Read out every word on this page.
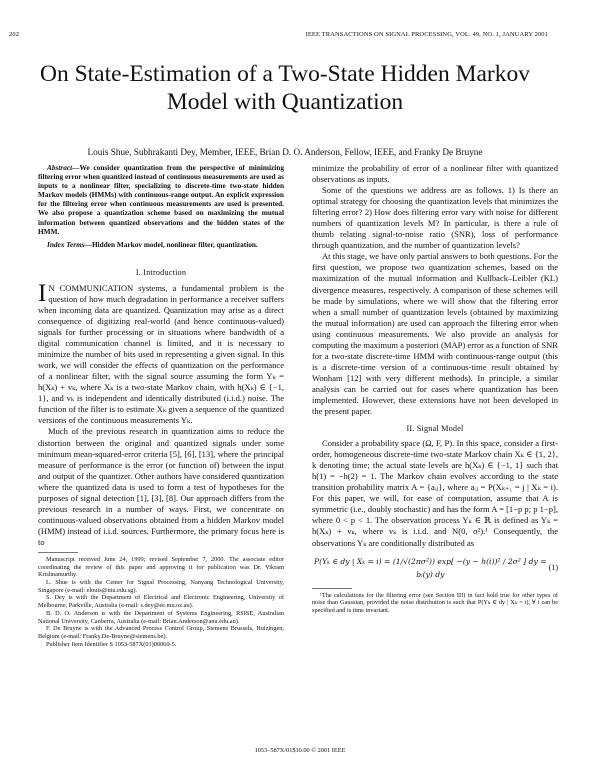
202	IEEE TRANSACTIONS ON SIGNAL PROCESSING, VOL. 49, NO. 1, JANUARY 2001
On State-Estimation of a Two-State Hidden Markov Model with Quantization
Louis Shue, Subhrakanti Dey, Member, IEEE, Brian D. O. Anderson, Fellow, IEEE, and Franky De Bruyne

Abstract—We consider quantization from the perspective of minimizing filtering error when quantized instead of continuous measurements are used as inputs to a nonlinear filter, specializing to discrete-time two-state hidden Markov models (HMMs) with continuous-range output. An explicit expression for the filtering error when continuous measurements are used is presented. We also propose a quantization scheme based on maximizing the mutual information between quantized observations and the hidden states of the HMM.

Index Terms—Hidden Markov model, nonlinear filter, quantization.

I. Introduction

I N COMMUNICATION systems, a fundamental problem is the question of how much degradation in performance a receiver suffers when incoming data are quantized. Quantization may arise as a direct consequence of digitizing real-world (and hence continuous-valued) signals for further processing or in situations where bandwidth of a digital communication channel is limited, and it is necessary to minimize the number of bits used in representing a given signal. In this work, we will consider the effects of quantization on the performance of a nonlinear filter, with the signal source assuming the form Yₖ = h(Xₖ) + vₖ, where Xₖ is a two-state Markov chain, with h(Xₖ) ∈ {−1, 1}, and vₖ is independent and identically distributed (i.i.d.) noise. The function of the filter is to estimate Xₖ given a sequence of the quantized versions of the continuous measurements Yₖ.

Much of the previous research in quantization aims to reduce the distortion between the original and quantized signals under some minimum mean-squared-error criteria [5], [6], [13], where the principal measure of performance is the error (or function of) between the input and output of the quantizer. Other authors have considered quantization where the quantized data is used to form a test of hypotheses for the purposes of signal detection [1], [3], [8]. Our approach differs from the previous research in a number of ways. First, we concentrate on continuous-valued observations obtained from a hidden Markov model (HMM) instead of i.i.d. sources. Furthermore, the primary focus here is to

Manuscript received June 24, 1999; revised September 7, 2000. The associate editor coordinating the review of this paper and approving it for publication was Dr. Vikram Krishnamurthy.

L. Shue is with the Center for Signal Processing, Nanyang Technological University, Singapore (e-mail: elouis@ntu.edu.sg).

S. Dey is with the Department of Electrical and Electronic Engineering, University of Melbourne, Parkville, Australia (e-mail: s.dey@ee.mu.oz.au).

B. D. O. Anderson is with the Department of Systems Engineering, RSISE, Australian National University, Canberra, Australia (e-mail: Brian.Anderson@anu.edu.au).

F. De Bruyne is with the Advanced Process Control Group, Siemens Brussels, Huizingen, Belgium (e-mail: Franky.De-Bruyne@siemens.be).

Publisher Item Identifier S 1053-587X(01)00060-5.

minimize the probability of error of a nonlinear filter with quantized observations as inputs.

Some of the questions we address are as follows. 1) Is there an optimal strategy for choosing the quantization levels that minimizes the filtering error? 2) How does filtering error vary with noise for different numbers of quantization levels M? In particular, is there a rule of thumb relating signal-to-noise ratio (SNR), loss of performance through quantization, and the number of quantization levels?

At this stage, we have only partial answers to both questions. For the first question, we propose two quantization schemes, based on the maximization of the mutual information and Kullback–Leibler (KL) divergence measures, respectively. A comparison of these schemes will be made by simulations, where we will show that the filtering error when a small number of quantization levels (obtained by maximizing the mutual information) are used can approach the filtering error when using continuous measurements. We also provide an analysis for computing the maximum a posteriori (MAP) error as a function of SNR for a two-state discrete-time HMM with continuous-range output (this is a discrete-time version of a continuous-time result obtained by Wonham [12] with very different methods). In principle, a similar analysis can be carried out for cases where quantization has been implemented. However, these extensions have not been developed in the present paper.

II. Signal Model

Consider a probability space (Ω, F, P). In this space, consider a first-order, homogeneous discrete-time two-state Markov chain Xₖ ∈ {1, 2}, k denoting time; the actual state levels are h(Xₖ) ∈ {−1, 1} such that h(1) = −h(2) = 1. The Markov chain evolves according to the state transition probability matrix A = {aᵢⱼ}, where aᵢⱼ = P(Xₖ₊₁ = j | Xₖ = i). For this paper, we will, for ease of computation, assume that A is symmetric (i.e., doubly stochastic) and has the form A = [1−p p; p 1−p], where 0 < p < 1. The observation process Yₖ ∈ ℝ is defined as Yₖ = h(Xₖ) + vₖ, where vₖ is i.i.d. and N(0, σ²).¹ Consequently, the observations Yₖ are conditionally distributed as

P(Yₖ ∈ dy | Xₖ = i) = (1/√(2πσ²)) exp[ −(y − h(i))² / 2σ² ] dy = bᵢ(y) dy
(1)

¹The calculations for the filtering error (see Section III) in fact hold true for other types of noise than Gaussian, provided the noise distribution is such that P(Yₖ ∈ dy | Xₖ = i), ∀ i can be specified and is time invariant.

1053–587X/01$10.00 © 2001 IEEE
